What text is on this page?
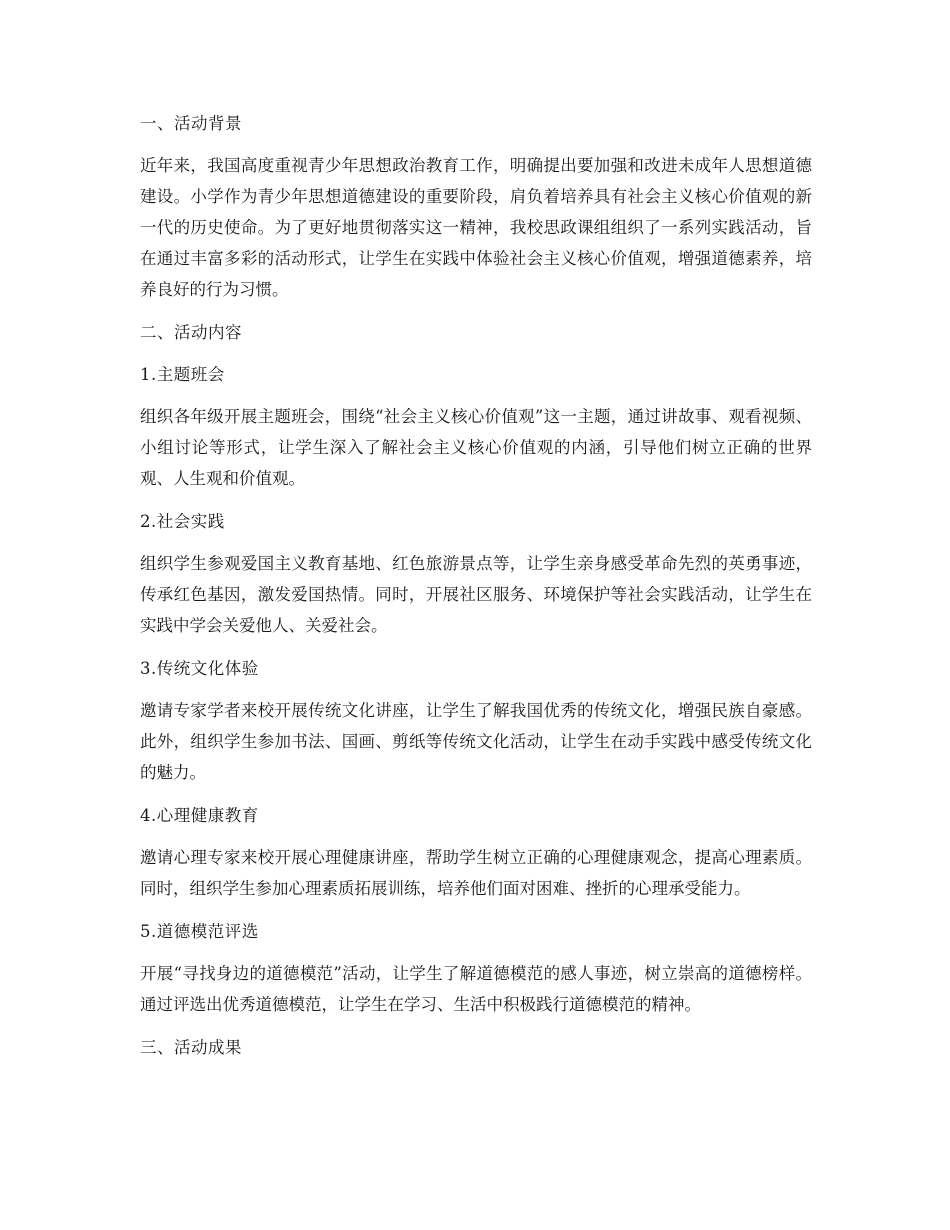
一、活动背景
近年来，我国高度重视青少年思想政治教育工作，明确提出要加强和改进未成年人思想道德建设。小学作为青少年思想道德建设的重要阶段，肩负着培养具有社会主义核心价值观的新一代的历史使命。为了更好地贯彻落实这一精神，我校思政课组组织了一系列实践活动，旨在通过丰富多彩的活动形式，让学生在实践中体验社会主义核心价值观，增强道德素养，培养良好的行为习惯。
二、活动内容
1.主题班会
组织各年级开展主题班会，围绕“社会主义核心价值观”这一主题，通过讲故事、观看视频、小组讨论等形式，让学生深入了解社会主义核心价值观的内涵，引导他们树立正确的世界观、人生观和价值观。
2.社会实践
组织学生参观爱国主义教育基地、红色旅游景点等，让学生亲身感受革命先烈的英勇事迹，传承红色基因，激发爱国热情。同时，开展社区服务、环境保护等社会实践活动，让学生在实践中学会关爱他人、关爱社会。
3.传统文化体验
邀请专家学者来校开展传统文化讲座，让学生了解我国优秀的传统文化，增强民族自豪感。此外，组织学生参加书法、国画、剪纸等传统文化活动，让学生在动手实践中感受传统文化的魅力。
4.心理健康教育
邀请心理专家来校开展心理健康讲座，帮助学生树立正确的心理健康观念，提高心理素质。同时，组织学生参加心理素质拓展训练，培养他们面对困难、挫折的心理承受能力。
5.道德模范评选
开展“寻找身边的道德模范”活动，让学生了解道德模范的感人事迹，树立崇高的道德榜样。通过评选出优秀道德模范，让学生在学习、生活中积极践行道德模范的精神。
三、活动成果
